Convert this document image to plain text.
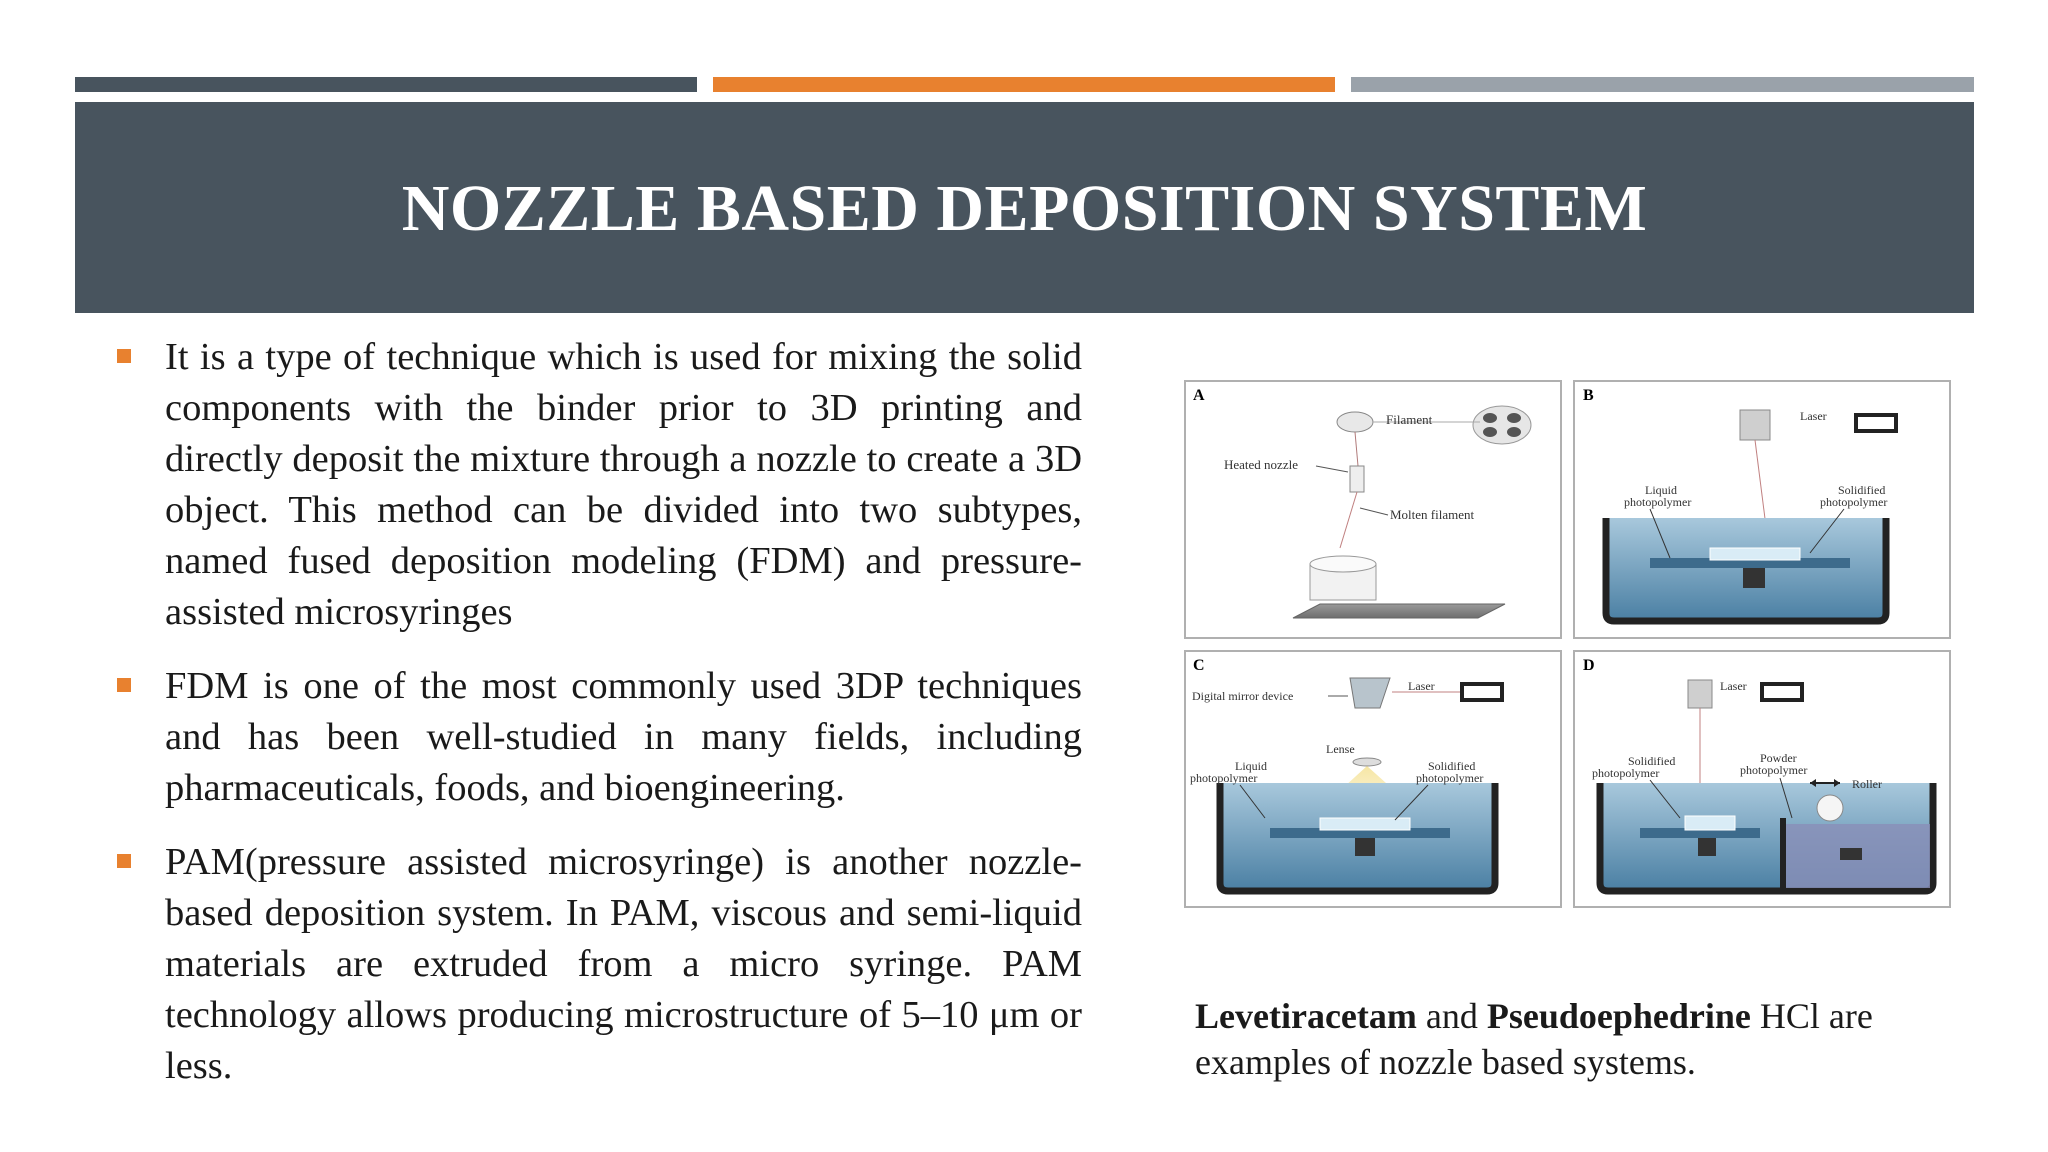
NOZZLE BASED DEPOSITION SYSTEM

It is a type of technique which is used for mixing the solid components with the binder prior to 3D printing and directly deposit the mixture through a nozzle to create a 3D object. This method can be divided into two subtypes, named fused deposition modeling (FDM) and pressure-assisted microsyringes

FDM is one of the most commonly used 3DP techniques and has been well-studied in many fields, including pharmaceuticals, foods, and bioengineering.

PAM(pressure assisted microsyringe) is another nozzle-based deposition system. In PAM, viscous and semi-liquid materials are extruded from a micro syringe. PAM technology allows producing microstructure of 5–10 μm or less.

A
Filament
Heated nozzle
Molten filament
B
Laser
Liquid
photopolymer
Solidified
photopolymer
C
Digital mirror device
Laser
Lense
Liquid
photopolymer
Solidified
photopolymer
D
Laser
Solidified
photopolymer
Powder
photopolymer
Roller

Levetiracetam and Pseudoephedrine HCl are examples of nozzle based systems.
